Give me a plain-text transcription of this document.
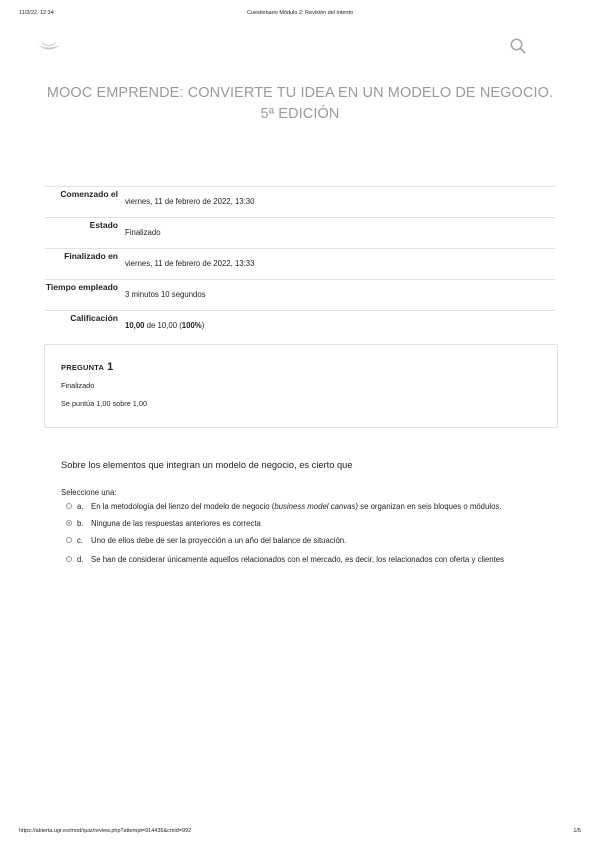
11/3/22, 12:34	Cuestionario Módulo 2: Revisión del intento
MOOC EMPRENDE: CONVIERTE TU IDEA EN UN MODELO DE NEGOCIO. 5ª EDICIÓN
Comenzado el
viernes, 11 de febrero de 2022, 13:30
Estado
Finalizado
Finalizado en
viernes, 11 de febrero de 2022, 13:33
Tiempo empleado
3 minutos 10 segundos
Calificación
10,00 de 10,00 (100%)
PREGUNTA 1
Finalizado
Se puntúa 1,00 sobre 1,00
Sobre los elementos que integran un modelo de negocio, es cierto que
Seleccione una:
a. En la metodología del lienzo del modelo de negocio (business model canvas) se organizan en seis bloques o módulos.
b. Ninguna de las respuestas anteriores es correcta
c. Uno de ellos debe de ser la proyección a un año del balance de situación.
d. Se han de considerar únicamente aquellos relacionados con el mercado, es decir, los relacionados con oferta y clientes
https://abierta.ugr.es/mod/quiz/review.php?attempt=914435&cmid=992	1/5
